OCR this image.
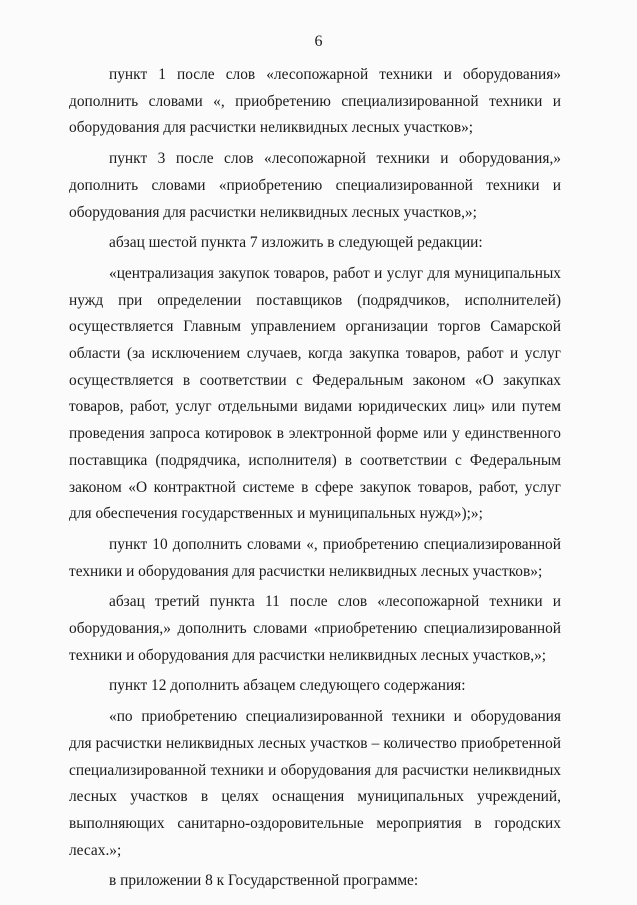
6

пункт 1 после слов «лесопожарной техники и оборудования» дополнить словами «, приобретению специализированной техники и оборудования для расчистки неликвидных лесных участков»;

пункт 3 после слов «лесопожарной техники и оборудования,» дополнить словами «приобретению специализированной техники и оборудования для расчистки неликвидных лесных участков,»;

абзац шестой пункта 7 изложить в следующей редакции:

«централизация закупок товаров, работ и услуг для муниципальных нужд при определении поставщиков (подрядчиков, исполнителей) осуществляется Главным управлением организации торгов Самарской области (за исключением случаев, когда закупка товаров, работ и услуг осуществляется в соответствии с Федеральным законом «О закупках товаров, работ, услуг отдельными видами юридических лиц» или путем проведения запроса котировок в электронной форме или у единственного поставщика (подрядчика, исполнителя) в соответствии с Федеральным законом «О контрактной системе в сфере закупок товаров, работ, услуг для обеспечения государственных и муниципальных нужд»);»;

пункт 10 дополнить словами «, приобретению специализированной техники и оборудования для расчистки неликвидных лесных участков»;

абзац третий пункта 11 после слов «лесопожарной техники и оборудования,» дополнить словами «приобретению специализированной техники и оборудования для расчистки неликвидных лесных участков,»;

пункт 12 дополнить абзацем следующего содержания:

«по приобретению специализированной техники и оборудования для расчистки неликвидных лесных участков – количество приобретенной специализированной техники и оборудования для расчистки неликвидных лесных участков в целях оснащения муниципальных учреждений, выполняющих санитарно-оздоровительные мероприятия в городских лесах.»;

в приложении 8 к Государственной программе:
